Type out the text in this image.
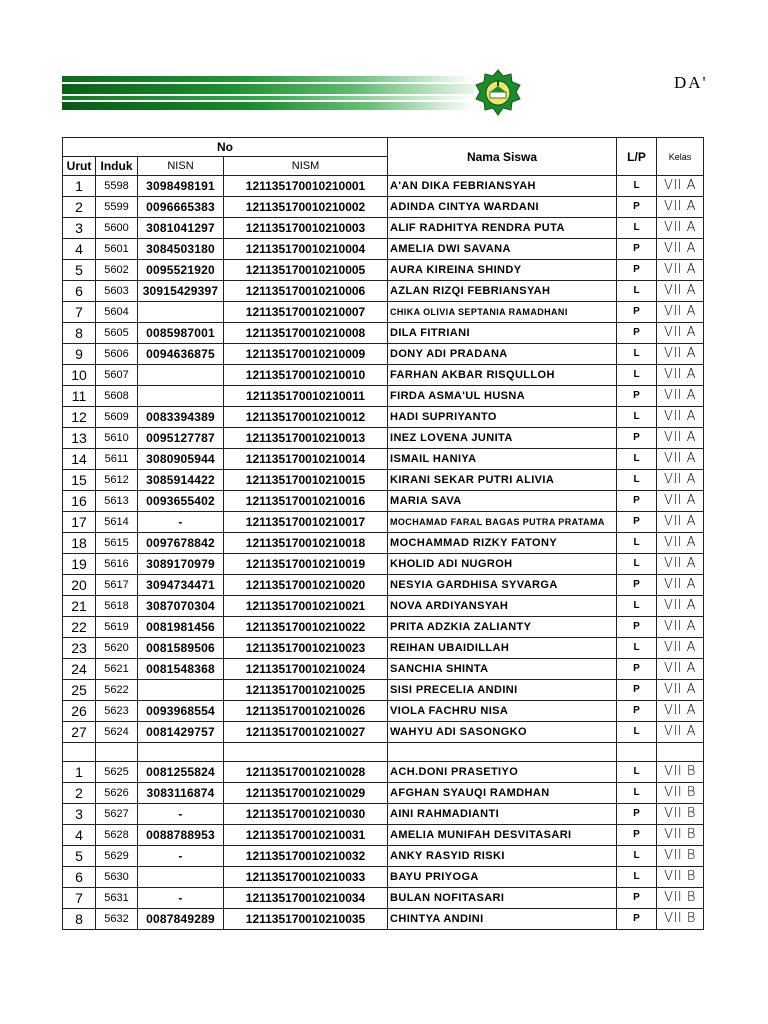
DA'
No				Nama Siswa	L/P	Kelas
Urut	Induk	NISN	NISM			
1	5598	3098498191	121135170010210001	A'AN DIKA FEBRIANSYAH	L	VII A
2	5599	0096665383	121135170010210002	ADINDA CINTYA WARDANI	P	VII A
3	5600	3081041297	121135170010210003	ALIF RADHITYA RENDRA PUTA	L	VII A
4	5601	3084503180	121135170010210004	AMELIA DWI SAVANA	P	VII A
5	5602	0095521920	121135170010210005	AURA KIREINA SHINDY	P	VII A
6	5603	30915429397	121135170010210006	AZLAN RIZQI FEBRIANSYAH	L	VII A
7	5604		121135170010210007	CHIKA OLIVIA SEPTANIA RAMADHANI	P	VII A
8	5605	0085987001	121135170010210008	DILA FITRIANI	P	VII A
9	5606	0094636875	121135170010210009	DONY ADI PRADANA	L	VII A
10	5607		121135170010210010	FARHAN AKBAR RISQULLOH	L	VII A
11	5608		121135170010210011	FIRDA ASMA'UL HUSNA	P	VII A
12	5609	0083394389	121135170010210012	HADI SUPRIYANTO	L	VII A
13	5610	0095127787	121135170010210013	INEZ LOVENA JUNITA	P	VII A
14	5611	3080905944	121135170010210014	ISMAIL HANIYA	L	VII A
15	5612	3085914422	121135170010210015	KIRANI SEKAR PUTRI ALIVIA	L	VII A
16	5613	0093655402	121135170010210016	MARIA SAVA	P	VII A
17	5614	-	121135170010210017	MOCHAMAD FARAL BAGAS PUTRA PRATAMA	P	VII A
18	5615	0097678842	121135170010210018	MOCHAMMAD RIZKY FATONY	L	VII A
19	5616	3089170979	121135170010210019	KHOLID ADI NUGROH	L	VII A
20	5617	3094734471	121135170010210020	NESYIA GARDHISA SYVARGA	P	VII A
21	5618	3087070304	121135170010210021	NOVA ARDIYANSYAH	L	VII A
22	5619	0081981456	121135170010210022	PRITA ADZKIA ZALIANTY	P	VII A
23	5620	0081589506	121135170010210023	REIHAN UBAIDILLAH	L	VII A
24	5621	0081548368	121135170010210024	SANCHIA SHINTA	P	VII A
25	5622		121135170010210025	SISI PRECELIA ANDINI	P	VII A
26	5623	0093968554	121135170010210026	VIOLA FACHRU NISA	P	VII A
27	5624	0081429757	121135170010210027	WAHYU ADI SASONGKO	L	VII A

1	5625	0081255824	121135170010210028	ACH.DONI PRASETIYO	L	VII B
2	5626	3083116874	121135170010210029	AFGHAN SYAUQI RAMDHAN	L	VII B
3	5627	-	121135170010210030	AINI RAHMADIANTI	P	VII B
4	5628	0088788953	121135170010210031	AMELIA MUNIFAH DESVITASARI	P	VII B
5	5629	-	121135170010210032	ANKY RASYID RISKI	L	VII B
6	5630		121135170010210033	BAYU PRIYOGA	L	VII B
7	5631	-	121135170010210034	BULAN NOFITASARI	P	VII B
8	5632	0087849289	121135170010210035	CHINTYA ANDINI	P	VII B
